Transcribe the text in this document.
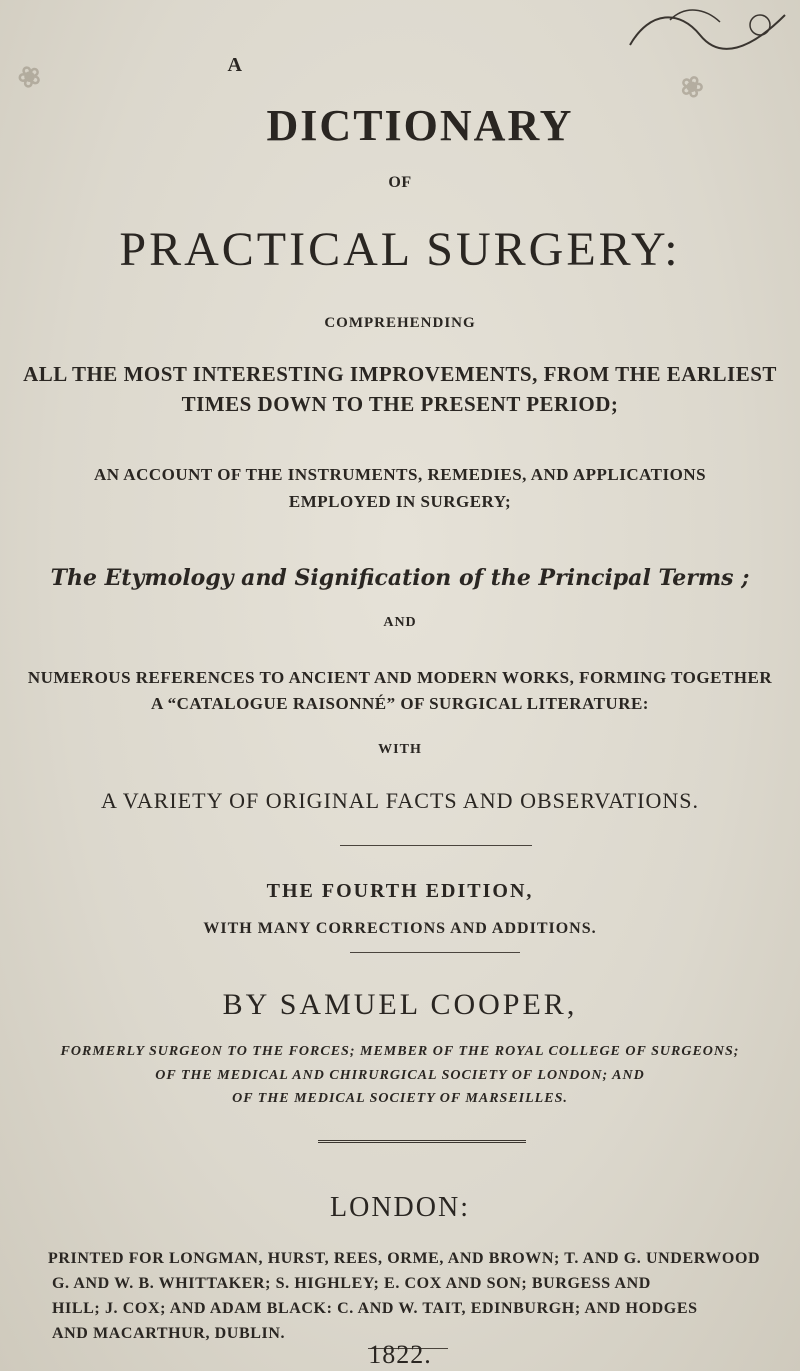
❀	❀
A
DICTIONARY
OF
PRACTICAL SURGERY:
COMPREHENDING
ALL THE MOST INTERESTING IMPROVEMENTS, FROM THE EARLIEST
TIMES DOWN TO THE PRESENT PERIOD;
AN ACCOUNT OF THE INSTRUMENTS, REMEDIES, AND APPLICATIONS
EMPLOYED IN SURGERY;
The Etymology and Signification of the Principal Terms ;
AND
NUMEROUS REFERENCES TO ANCIENT AND MODERN WORKS, FORMING TOGETHER
A “CATALOGUE RAISONNÉ” OF SURGICAL LITERATURE:
WITH
A VARIETY OF ORIGINAL FACTS AND OBSERVATIONS.
THE FOURTH EDITION,
WITH MANY CORRECTIONS AND ADDITIONS.
BY SAMUEL COOPER,
FORMERLY SURGEON TO THE FORCES; MEMBER OF THE ROYAL COLLEGE OF SURGEONS;
OF THE MEDICAL AND CHIRURGICAL SOCIETY OF LONDON; AND
OF THE MEDICAL SOCIETY OF MARSEILLES.
LONDON:
PRINTED FOR LONGMAN, HURST, REES, ORME, AND BROWN; T. AND G. UNDERWOOD
G. AND W. B. WHITTAKER; S. HIGHLEY; E. COX AND SON; BURGESS AND
HILL; J. COX; AND ADAM BLACK: C. AND W. TAIT, EDINBURGH; AND HODGES
AND MACARTHUR, DUBLIN.
1822.
